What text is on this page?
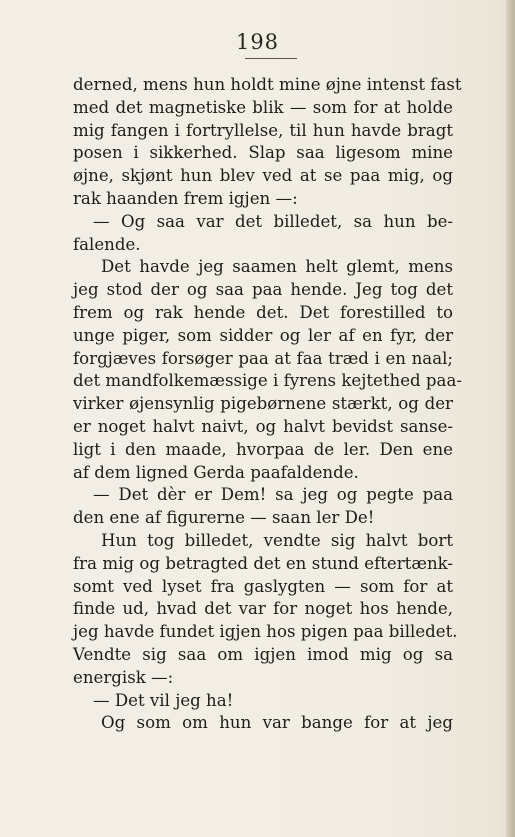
198
derned, mens hun holdt mine øjne intenst fast
med det magnetiske blik — som for at holde
mig fangen i fortryllelse, til hun havde bragt
posen i sikkerhed. Slap saa ligesom mine
øjne, skjønt hun blev ved at se paa mig, og
rak haanden frem igjen —:
— Og saa var det billedet, sa hun be-
falende.
Det havde jeg saamen helt glemt, mens
jeg stod der og saa paa hende. Jeg tog det
frem og rak hende det. Det forestilled to
unge piger, som sidder og ler af en fyr, der
forgjæves forsøger paa at faa træd i en naal;
det mandfolkemæssige i fyrens kejtethed paa-
virker øjensynlig pigebørnene stærkt, og der
er noget halvt naivt, og halvt bevidst sanse-
ligt i den maade, hvorpaa de ler. Den ene
af dem ligned Gerda paafaldende.
— Det dèr er Dem! sa jeg og pegte paa
den ene af figurerne — saan ler De!
Hun tog billedet, vendte sig halvt bort
fra mig og betragted det en stund eftertænk-
somt ved lyset fra gaslygten — som for at
finde ud, hvad det var for noget hos hende,
jeg havde fundet igjen hos pigen paa billedet.
Vendte sig saa om igjen imod mig og sa
energisk —:
— Det vil jeg ha!
Og som om hun var bange for at jeg
